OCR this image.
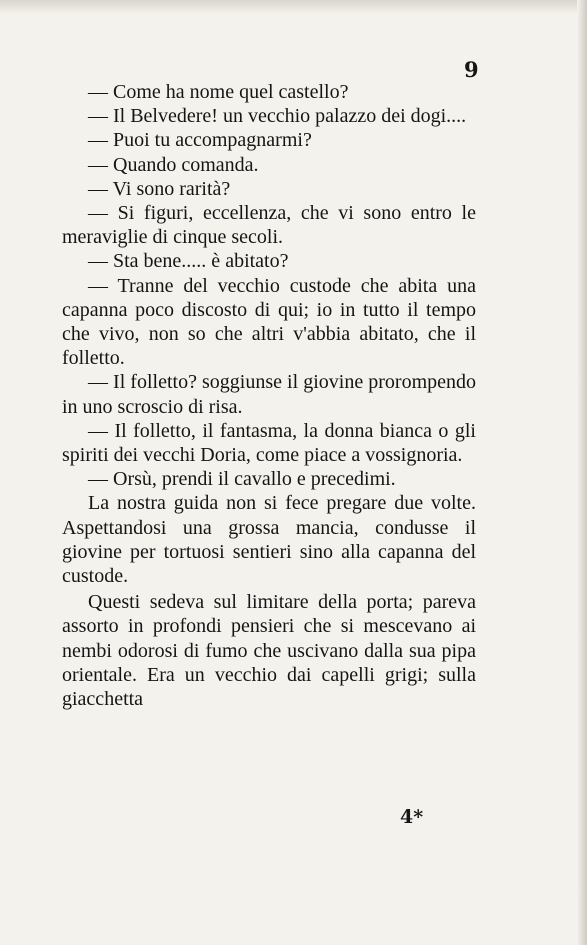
9

— Come ha nome quel castello?

— Il Belvedere! un vecchio palazzo dei dogi....

— Puoi tu accompagnarmi?

— Quando comanda.

— Vi sono rarità?

— Si figuri, eccellenza, che vi sono entro le meraviglie di cinque secoli.

— Sta bene..... è abitato?

— Tranne del vecchio custode che abita una capanna poco discosto di qui; io in tutto il tempo che vivo, non so che altri v'abbia abitato, che il folletto.

— Il folletto? soggiunse il giovine prorompendo in uno scroscio di risa.

— Il folletto, il fantasma, la donna bianca o gli spiriti dei vecchi Doria, come piace a vossignoria.

— Orsù, prendi il cavallo e precedimi.

La nostra guida non si fece pregare due volte. Aspettandosi una grossa mancia, condusse il giovine per tortuosi sentieri sino alla capanna del custode.

Questi sedeva sul limitare della porta; pareva assorto in profondi pensieri che si mescevano ai nembi odorosi di fumo che uscivano dalla sua pipa orientale. Era un vecchio dai capelli grigi; sulla giacchetta

4*
